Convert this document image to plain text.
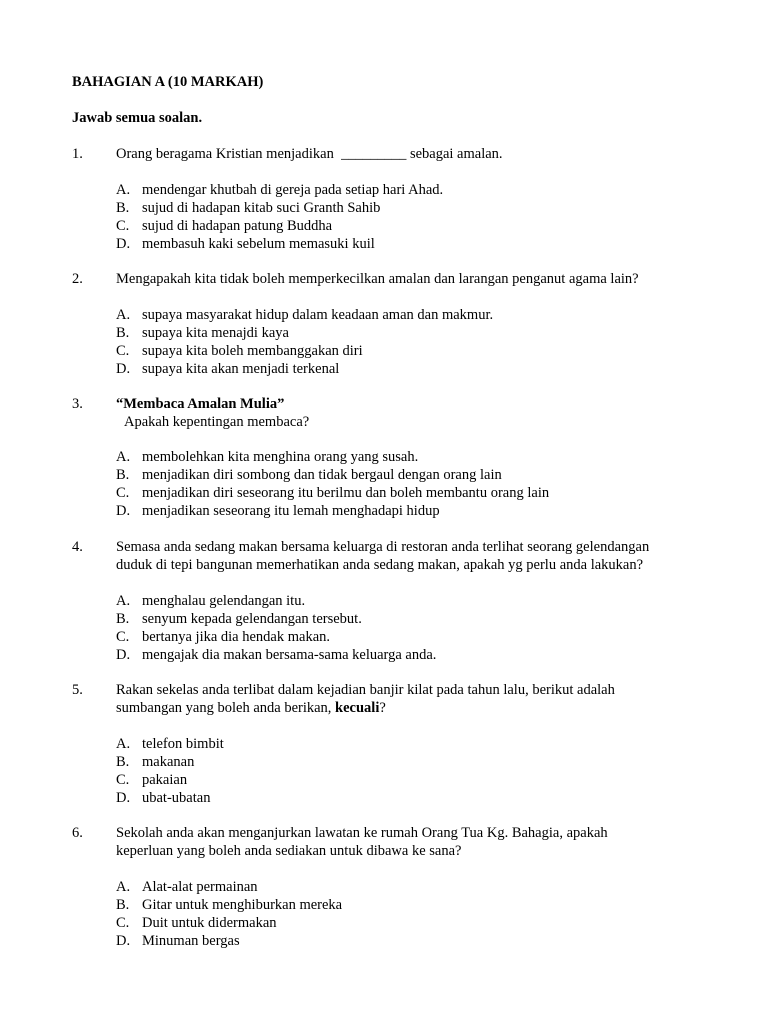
BAHAGIAN A (10 MARKAH)
Jawab semua soalan.
1. Orang beragama Kristian menjadikan  _________ sebagai amalan.
A. mendengar khutbah di gereja pada setiap hari Ahad.
B. sujud di hadapan kitab suci Granth Sahib
C. sujud di hadapan patung Buddha
D. membasuh kaki sebelum memasuki kuil
2. Mengapakah kita tidak boleh memperkecilkan amalan dan larangan penganut agama lain?
A. supaya masyarakat hidup dalam keadaan aman dan makmur.
B. supaya kita menajdi kaya
C. supaya kita boleh membanggakan diri
D. supaya kita akan menjadi terkenal
3. “Membaca Amalan Mulia”
Apakah kepentingan membaca?
A. membolehkan kita menghina orang yang susah.
B. menjadikan diri sombong dan tidak bergaul dengan orang lain
C. menjadikan diri seseorang itu berilmu dan boleh membantu orang lain
D. menjadikan seseorang itu lemah menghadapi hidup
4. Semasa anda sedang makan bersama keluarga di restoran anda terlihat seorang gelendangan
duduk di tepi bangunan memerhatikan anda sedang makan, apakah yg perlu anda lakukan?
A. menghalau gelendangan itu.
B. senyum kepada gelendangan tersebut.
C. bertanya jika dia hendak makan.
D. mengajak dia makan bersama-sama keluarga anda.
5. Rakan sekelas anda terlibat dalam kejadian banjir kilat pada tahun lalu, berikut adalah
sumbangan yang boleh anda berikan, kecuali?
A. telefon bimbit
B. makanan
C. pakaian
D. ubat-ubatan
6. Sekolah anda akan menganjurkan lawatan ke rumah Orang Tua Kg. Bahagia, apakah
keperluan yang boleh anda sediakan untuk dibawa ke sana?
A. Alat-alat permainan
B. Gitar untuk menghiburkan mereka
C. Duit untuk didermakan
D. Minuman bergas
